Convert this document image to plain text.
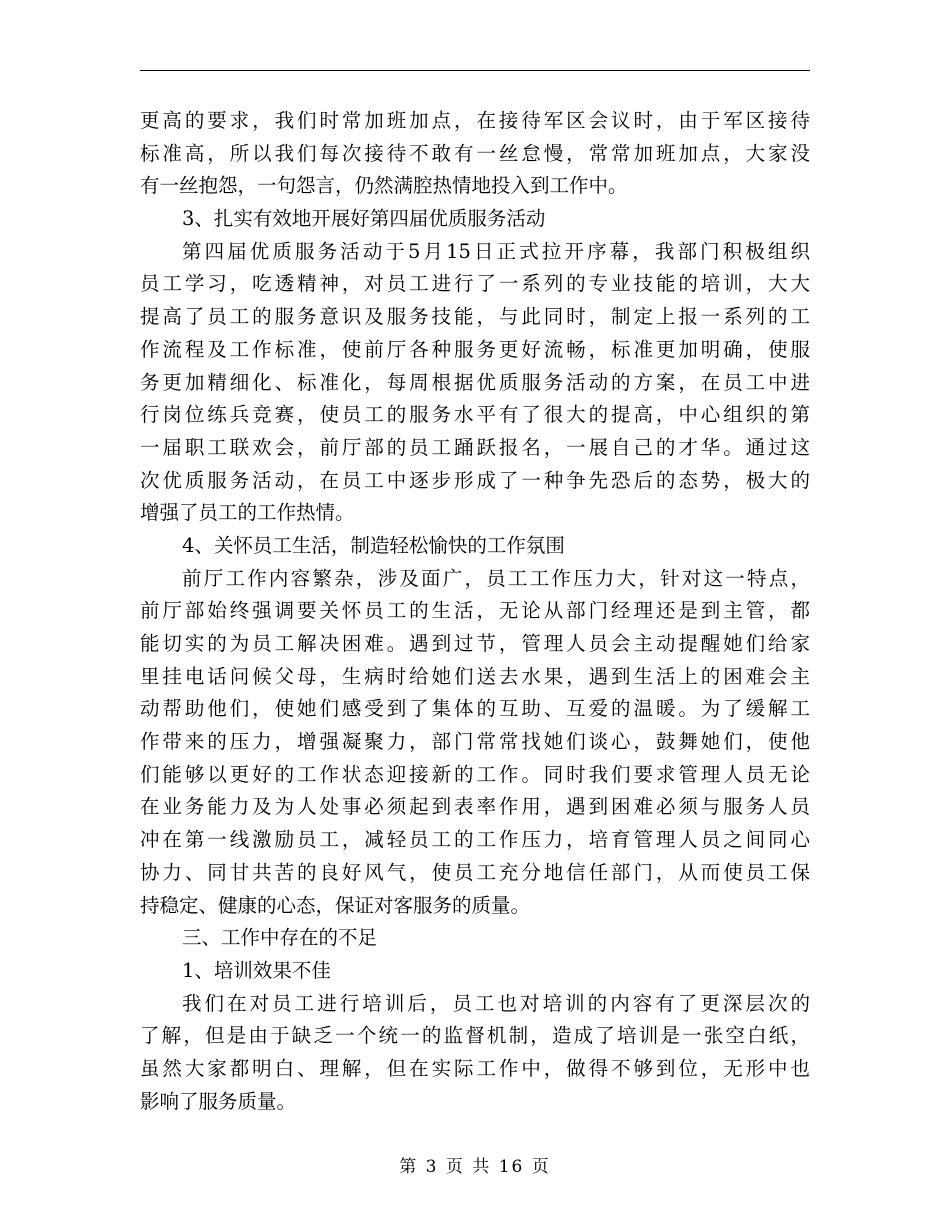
更高的要求，我们时常加班加点，在接待军区会议时，由于军区接待
标准高，所以我们每次接待不敢有一丝怠慢，常常加班加点，大家没
有一丝抱怨，一句怨言，仍然满腔热情地投入到工作中。
3、扎实有效地开展好第四届优质服务活动
第四届优质服务活动于5月15日正式拉开序幕，我部门积极组织
员工学习，吃透精神，对员工进行了一系列的专业技能的培训，大大
提高了员工的服务意识及服务技能，与此同时，制定上报一系列的工
作流程及工作标准，使前厅各种服务更好流畅，标准更加明确，使服
务更加精细化、标准化，每周根据优质服务活动的方案，在员工中进
行岗位练兵竞赛，使员工的服务水平有了很大的提高，中心组织的第
一届职工联欢会，前厅部的员工踊跃报名，一展自己的才华。通过这
次优质服务活动，在员工中逐步形成了一种争先恐后的态势，极大的
增强了员工的工作热情。
4、关怀员工生活，制造轻松愉快的工作氛围
前厅工作内容繁杂，涉及面广，员工工作压力大，针对这一特点，
前厅部始终强调要关怀员工的生活，无论从部门经理还是到主管，都
能切实的为员工解决困难。遇到过节，管理人员会主动提醒她们给家
里挂电话问候父母，生病时给她们送去水果，遇到生活上的困难会主
动帮助他们，使她们感受到了集体的互助、互爱的温暖。为了缓解工
作带来的压力，增强凝聚力，部门常常找她们谈心，鼓舞她们，使他
们能够以更好的工作状态迎接新的工作。同时我们要求管理人员无论
在业务能力及为人处事必须起到表率作用，遇到困难必须与服务人员
冲在第一线激励员工，减轻员工的工作压力，培育管理人员之间同心
协力、同甘共苦的良好风气，使员工充分地信任部门，从而使员工保
持稳定、健康的心态，保证对客服务的质量。
三、工作中存在的不足
1、培训效果不佳
我们在对员工进行培训后，员工也对培训的内容有了更深层次的
了解，但是由于缺乏一个统一的监督机制，造成了培训是一张空白纸，
虽然大家都明白、理解，但在实际工作中，做得不够到位，无形中也
影响了服务质量。
第 3 页 共 16 页
